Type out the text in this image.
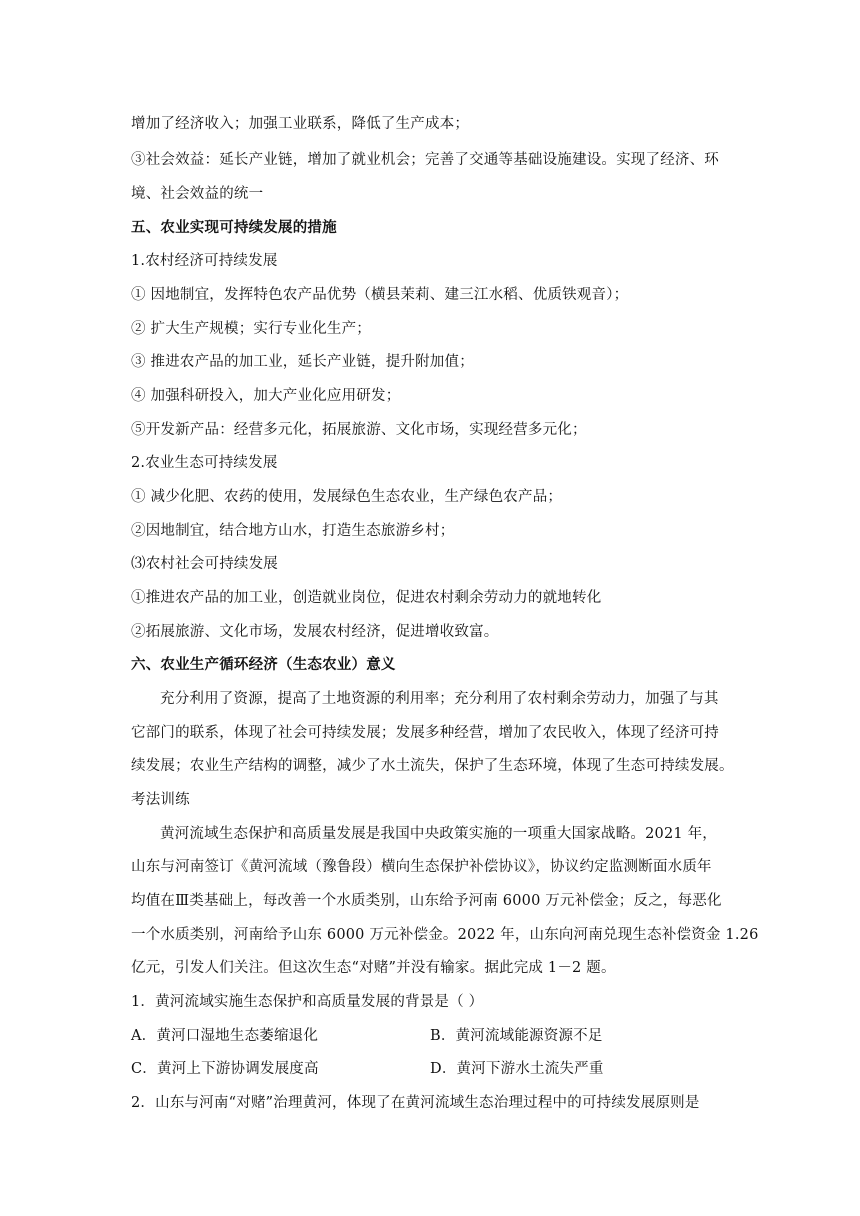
增加了经济收入；加强工业联系，降低了生产成本；
③社会效益：延长产业链，增加了就业机会；完善了交通等基础设施建设。实现了经济、环
境、社会效益的统一
五、农业实现可持续发展的措施
1.农村经济可持续发展
① 因地制宜，发挥特色农产品优势（横县茉莉、建三江水稻、优质铁观音）；
② 扩大生产规模；实行专业化生产；
③ 推进农产品的加工业，延长产业链，提升附加值；
④ 加强科研投入，加大产业化应用研发；
⑤开发新产品：经营多元化，拓展旅游、文化市场，实现经营多元化；
2.农业生态可持续发展
① 减少化肥、农药的使用，发展绿色生态农业，生产绿色农产品；
②因地制宜，结合地方山水，打造生态旅游乡村；
⑶农村社会可持续发展
①推进农产品的加工业，创造就业岗位，促进农村剩余劳动力的就地转化
②拓展旅游、文化市场，发展农村经济，促进增收致富。
六、农业生产循环经济（生态农业）意义
充分利用了资源，提高了土地资源的利用率；充分利用了农村剩余劳动力，加强了与其
它部门的联系，体现了社会可持续发展；发展多种经营，增加了农民收入，体现了经济可持
续发展；农业生产结构的调整，减少了水土流失，保护了生态环境，体现了生态可持续发展。
考法训练
黄河流域生态保护和高质量发展是我国中央政策实施的一项重大国家战略。2021 年，
山东与河南签订《黄河流域（豫鲁段）横向生态保护补偿协议》，协议约定监测断面水质年
均值在Ⅲ类基础上，每改善一个水质类别，山东给予河南 6000 万元补偿金；反之，每恶化
一个水质类别，河南给予山东 6000 万元补偿金。2022 年，山东向河南兑现生态补偿资金 1.26
亿元，引发人们关注。但这次生态“对赌”并没有输家。据此完成 1－2 题。
1．黄河流域实施生态保护和高质量发展的背景是（ ）
A．黄河口湿地生态萎缩退化	B．黄河流域能源资源不足
C．黄河上下游协调发展度高	D．黄河下游水土流失严重
2．山东与河南“对赌”治理黄河，体现了在黄河流域生态治理过程中的可持续发展原则是
